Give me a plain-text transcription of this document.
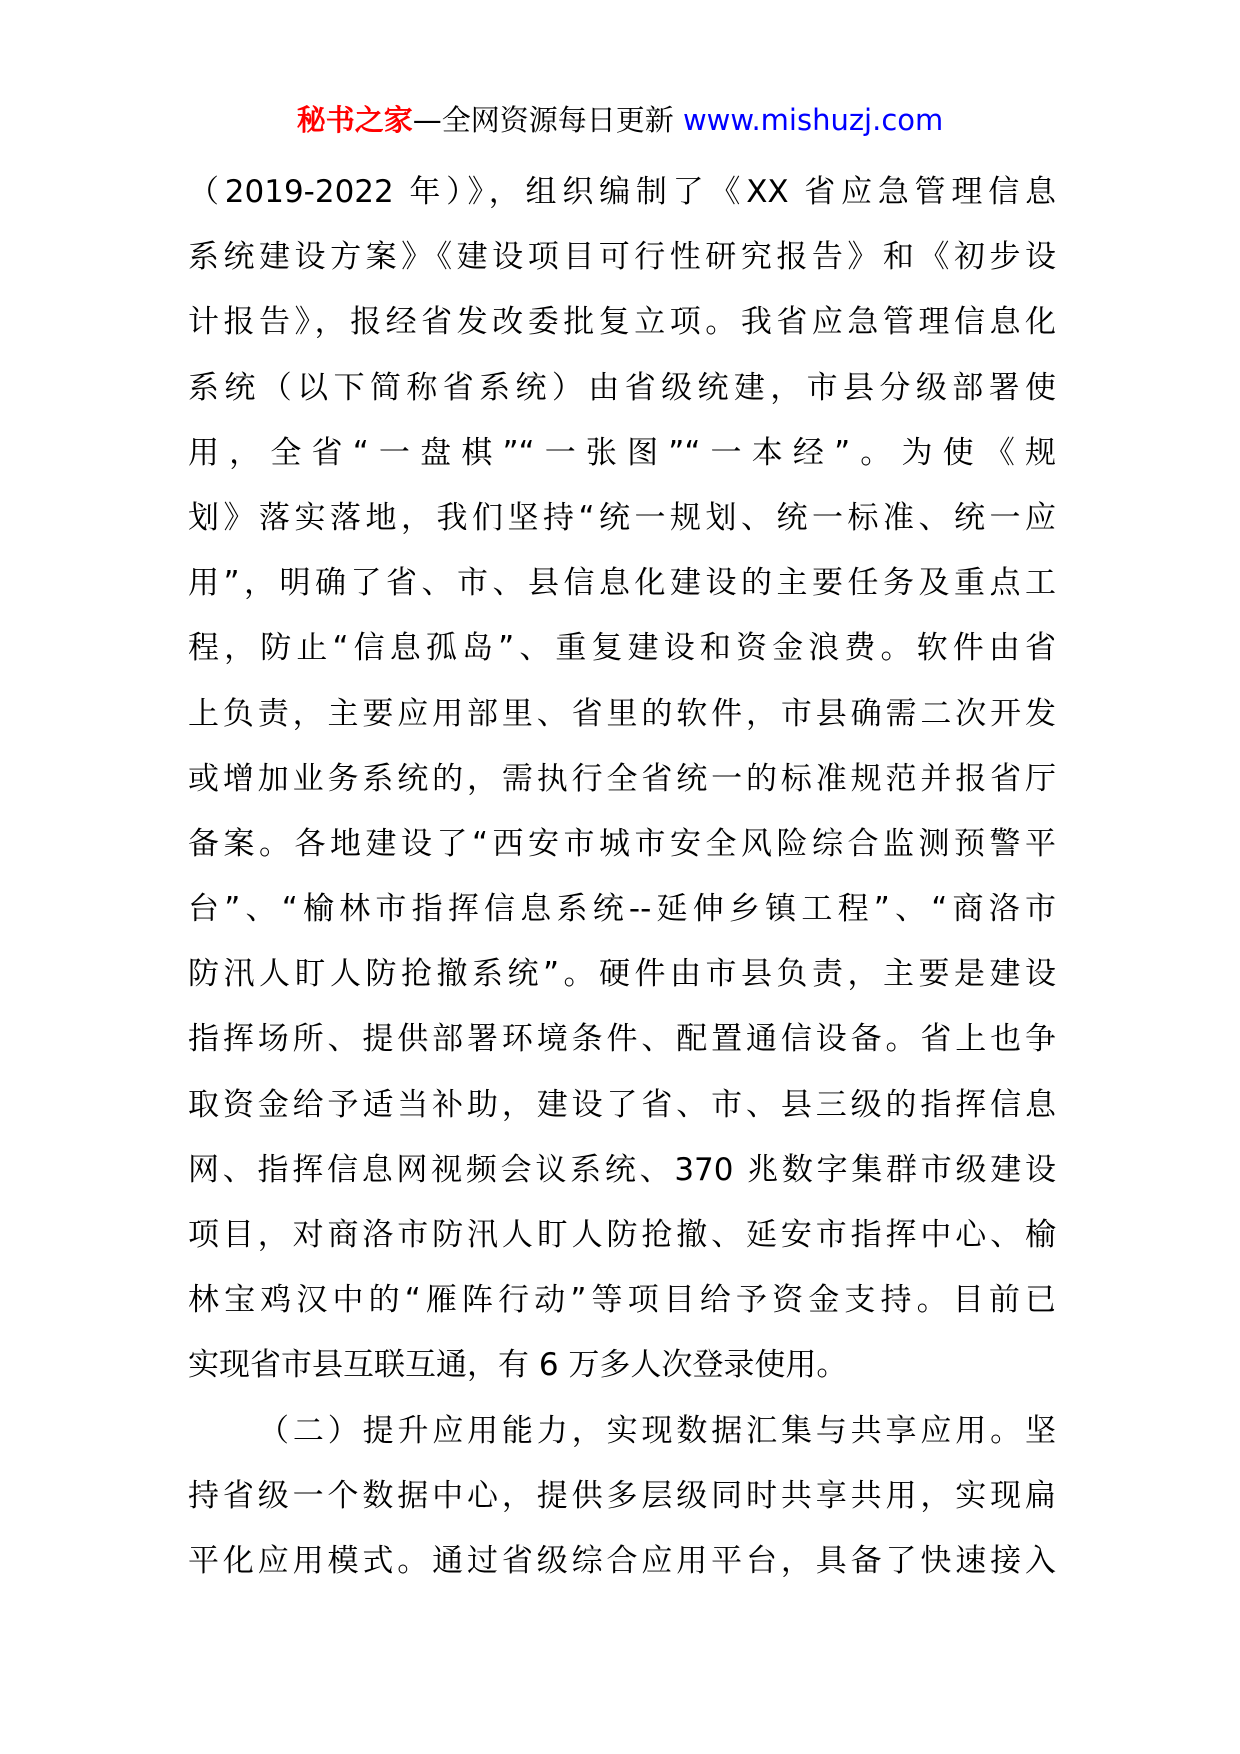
秘书之家—全网资源每日更新 www.mishuzj.com
（2019-2022 年）》，组织编制了《XX 省应急管理信息
系统建设方案》《建设项目可行性研究报告》和《初步设
计报告》，报经省发改委批复立项。我省应急管理信息化
系统（以下简称省系统）由省级统建，市县分级部署使
用，全省“一盘棋”“一张图”“一本经”。为使《规
划》落实落地，我们坚持“统一规划、统一标准、统一应
用”，明确了省、市、县信息化建设的主要任务及重点工
程，防止“信息孤岛”、重复建设和资金浪费。软件由省
上负责，主要应用部里、省里的软件，市县确需二次开发
或增加业务系统的，需执行全省统一的标准规范并报省厅
备案。各地建设了“西安市城市安全风险综合监测预警平
台”、“榆林市指挥信息系统--延伸乡镇工程”、“商洛市
防汛人盯人防抢撤系统”。硬件由市县负责，主要是建设
指挥场所、提供部署环境条件、配置通信设备。省上也争
取资金给予适当补助，建设了省、市、县三级的指挥信息
网、指挥信息网视频会议系统、370 兆数字集群市级建设
项目，对商洛市防汛人盯人防抢撤、延安市指挥中心、榆
林宝鸡汉中的“雁阵行动”等项目给予资金支持。目前已
实现省市县互联互通，有 6 万多人次登录使用。
（二）提升应用能力，实现数据汇集与共享应用。坚
持省级一个数据中心，提供多层级同时共享共用，实现扁
平化应用模式。通过省级综合应用平台，具备了快速接入
